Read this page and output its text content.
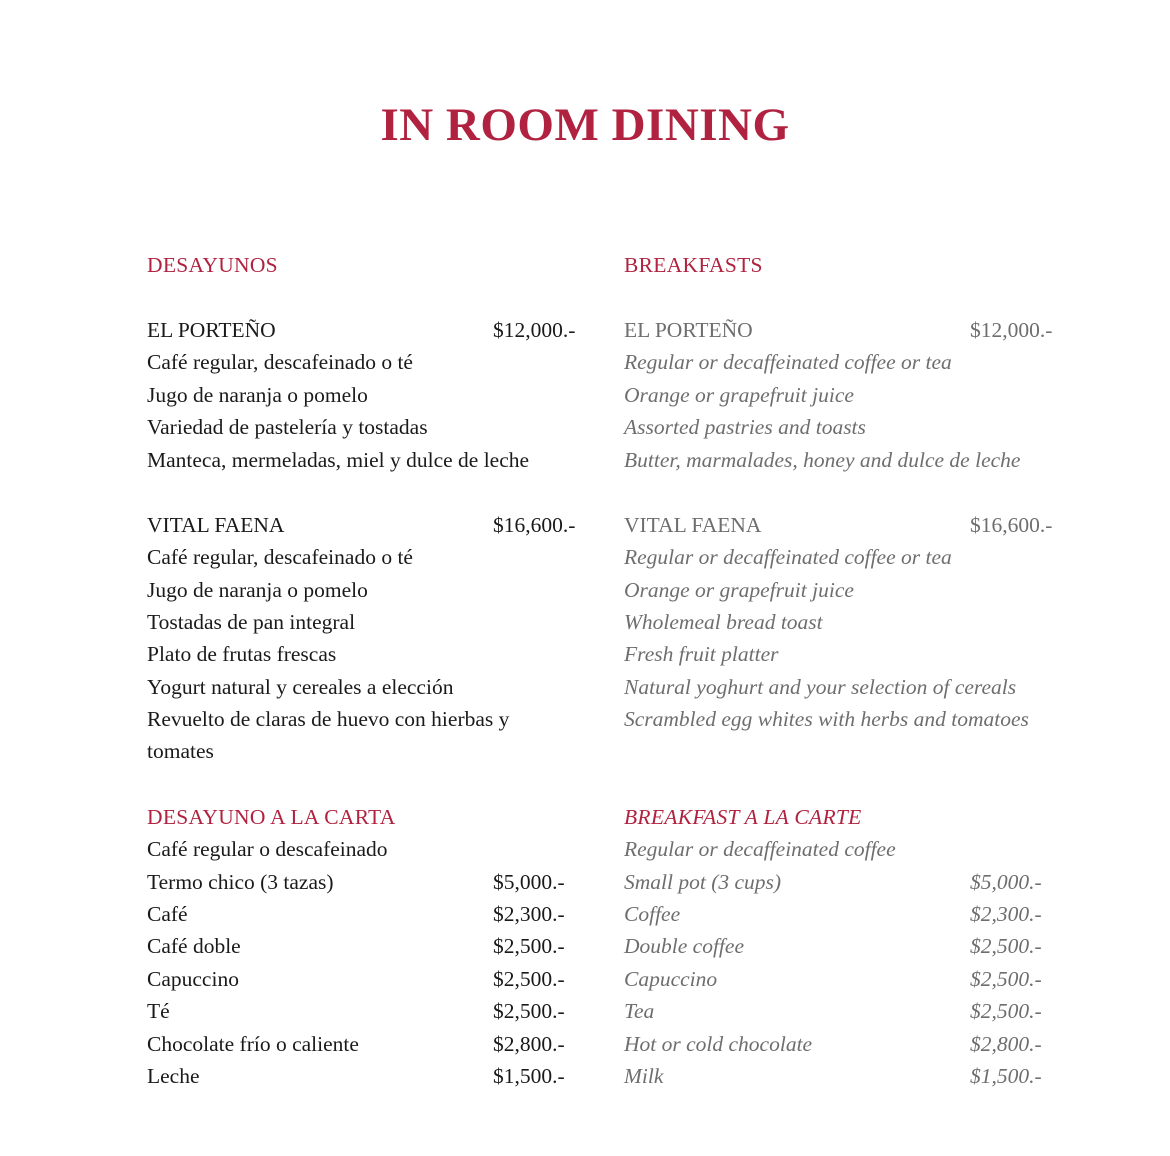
IN ROOM DINING
DESAYUNOS
EL PORTEÑO	$12,000.-
Café regular, descafeinado o té
Jugo de naranja o pomelo
Variedad de pastelería y tostadas
Manteca, mermeladas, miel y dulce de leche
VITAL FAENA	$16,600.-
Café regular, descafeinado o té
Jugo de naranja o pomelo
Tostadas de pan integral
Plato de frutas frescas
Yogurt natural y cereales a elección
Revuelto de claras de huevo con hierbas y tomates
DESAYUNO A LA CARTA
Café regular o descafeinado
Termo chico (3 tazas)	$5,000.-
Café	$2,300.-
Café doble	$2,500.-
Capuccino	$2,500.-
Té	$2,500.-
Chocolate frío o caliente	$2,800.-
Leche	$1,500.-
BREAKFASTS
EL PORTEÑO	$12,000.-
Regular or decaffeinated coffee or tea
Orange or grapefruit juice
Assorted pastries and toasts
Butter, marmalades, honey and dulce de leche
VITAL FAENA	$16,600.-
Regular or decaffeinated coffee or tea
Orange or grapefruit juice
Wholemeal bread toast
Fresh fruit platter
Natural yoghurt and your selection of cereals
Scrambled egg whites with herbs and tomatoes
BREAKFAST A LA CARTE
Regular or decaffeinated coffee
Small pot (3 cups)	$5,000.-
Coffee	$2,300.-
Double coffee	$2,500.-
Capuccino	$2,500.-
Tea	$2,500.-
Hot or cold chocolate	$2,800.-
Milk	$1,500.-
